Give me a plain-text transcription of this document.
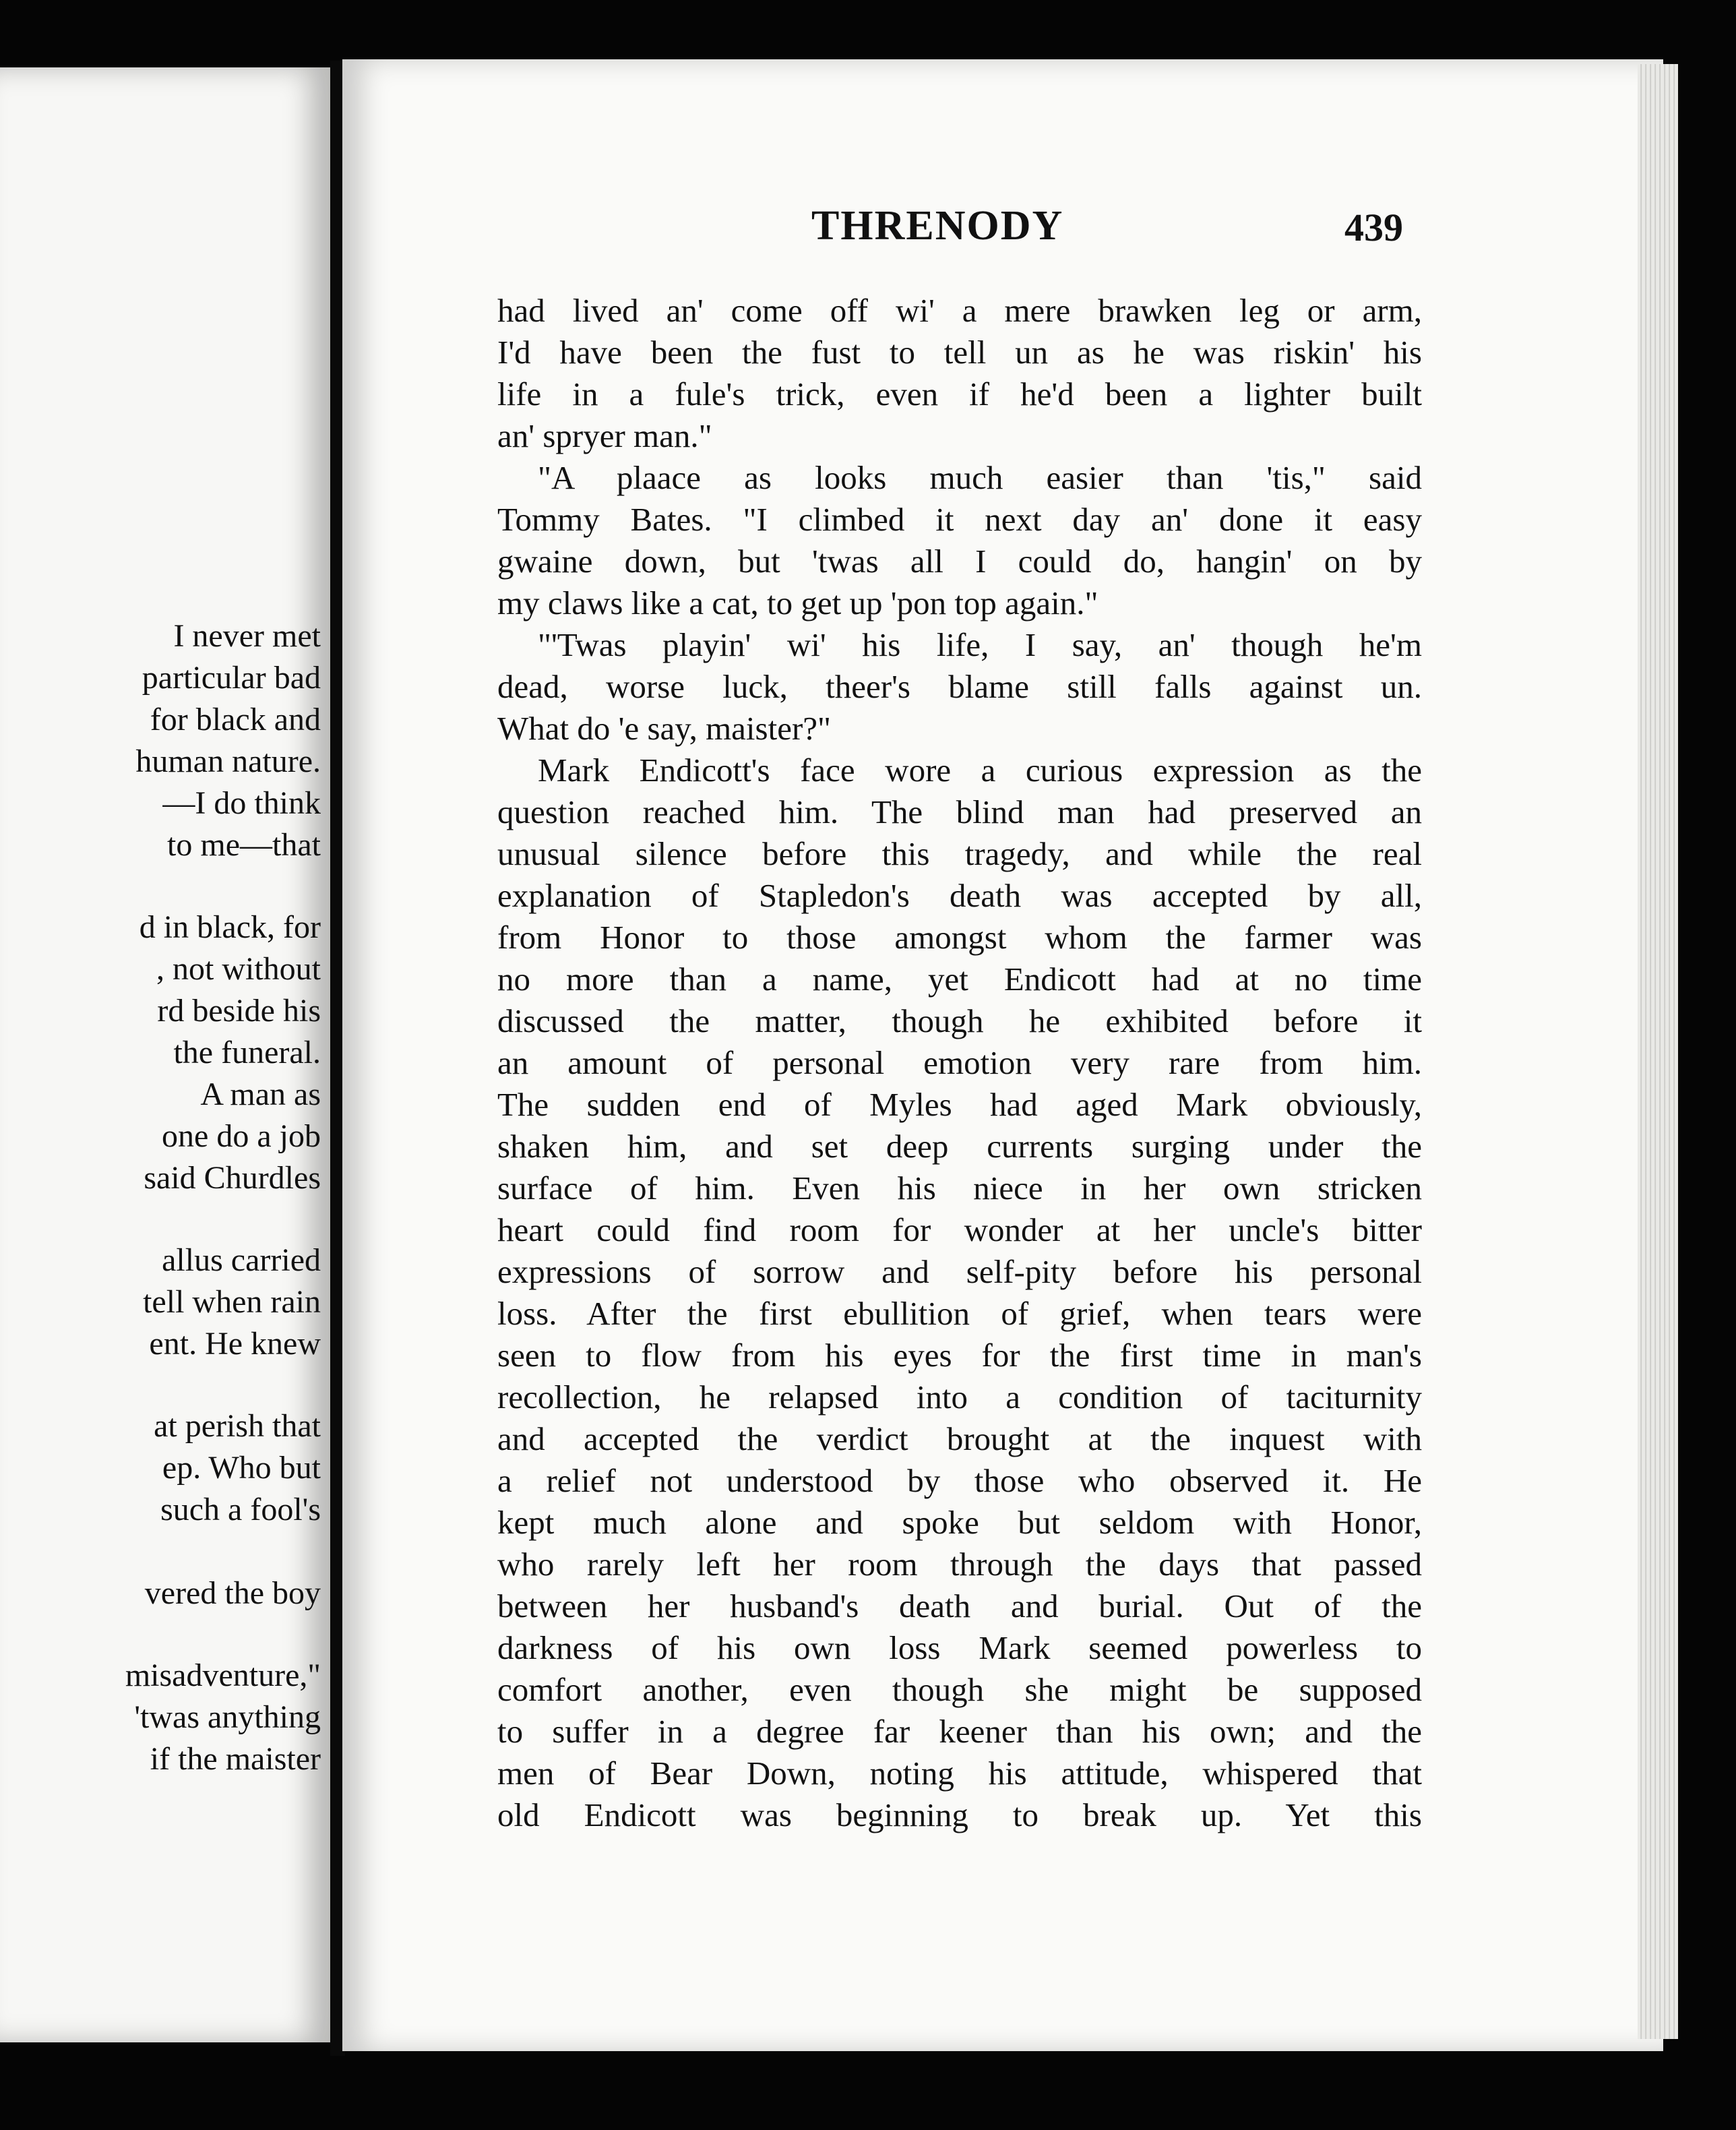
I never met
particular bad
for black and
human nature.
—I do think
to me—that
d in black, for
, not without
rd beside his
the funeral.
A man as
one do a job
said Churdles
allus carried
tell when rain
ent. He knew
at perish that
ep. Who but
such a fool's
vered the boy
misadventure,"
'twas anything
if the maister
THRENODY	439
had lived an' come off wi' a mere brawken leg or arm,
I'd have been the fust to tell un as he was riskin' his
life in a fule's trick, even if he'd been a lighter built
an' spryer man."
"A plaace as looks much easier than 'tis," said
Tommy Bates. "I climbed it next day an' done it easy
gwaine down, but 'twas all I could do, hangin' on by
my claws like a cat, to get up 'pon top again."
"'Twas playin' wi' his life, I say, an' though he'm
dead, worse luck, theer's blame still falls against un.
What do 'e say, maister?"
Mark Endicott's face wore a curious expression as the
question reached him. The blind man had preserved an
unusual silence before this tragedy, and while the real
explanation of Stapledon's death was accepted by all,
from Honor to those amongst whom the farmer was
no more than a name, yet Endicott had at no time
discussed the matter, though he exhibited before it
an amount of personal emotion very rare from him.
The sudden end of Myles had aged Mark obviously,
shaken him, and set deep currents surging under the
surface of him. Even his niece in her own stricken
heart could find room for wonder at her uncle's bitter
expressions of sorrow and self-pity before his personal
loss. After the first ebullition of grief, when tears were
seen to flow from his eyes for the first time in man's
recollection, he relapsed into a condition of taciturnity
and accepted the verdict brought at the inquest with
a relief not understood by those who observed it. He
kept much alone and spoke but seldom with Honor,
who rarely left her room through the days that passed
between her husband's death and burial. Out of the
darkness of his own loss Mark seemed powerless to
comfort another, even though she might be supposed
to suffer in a degree far keener than his own; and the
men of Bear Down, noting his attitude, whispered that
old Endicott was beginning to break up. Yet this
